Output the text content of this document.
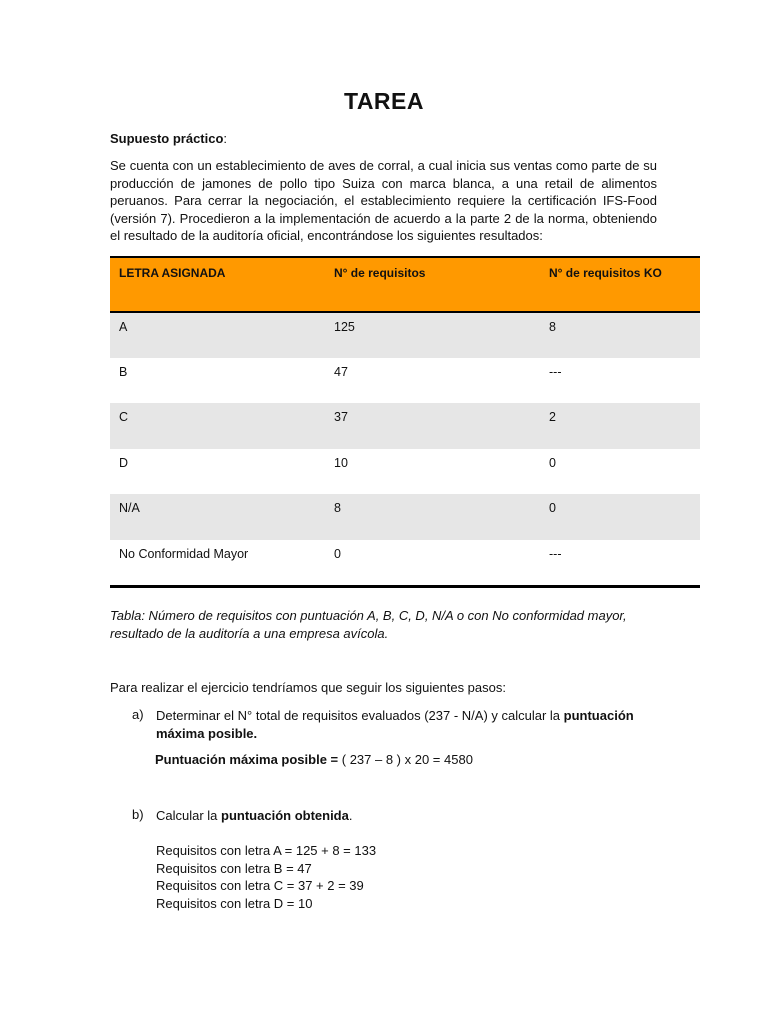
TAREA
Supuesto práctico:
Se cuenta con un establecimiento de aves de corral, a cual inicia sus ventas como parte de su producción de jamones de pollo tipo Suiza con marca blanca, a una retail de alimentos peruanos. Para cerrar la negociación, el establecimiento requiere la certificación IFS-Food (versión 7). Procedieron a la implementación de acuerdo a la parte 2 de la norma, obteniendo el resultado de la auditoría oficial, encontrándose los siguientes resultados:
LETRA ASIGNADA	N° de requisitos	N° de requisitos KO
A	125	8
B	47	---
C	37	2
D	10	0
N/A	8	0
No Conformidad Mayor	0	---
Tabla: Número de requisitos con puntuación A, B, C, D, N/A o con No conformidad mayor, resultado de la auditoría a una empresa avícola.
Para realizar el ejercicio tendríamos que seguir los siguientes pasos:
a) Determinar el N° total de requisitos evaluados (237 - N/A) y calcular la puntuación máxima posible.
Puntuación máxima posible = ( 237 – 8 ) x 20 = 4580
b) Calcular la puntuación obtenida.
Requisitos con letra A = 125 + 8 = 133
Requisitos con letra B = 47
Requisitos con letra C = 37 + 2 = 39
Requisitos con letra D = 10
